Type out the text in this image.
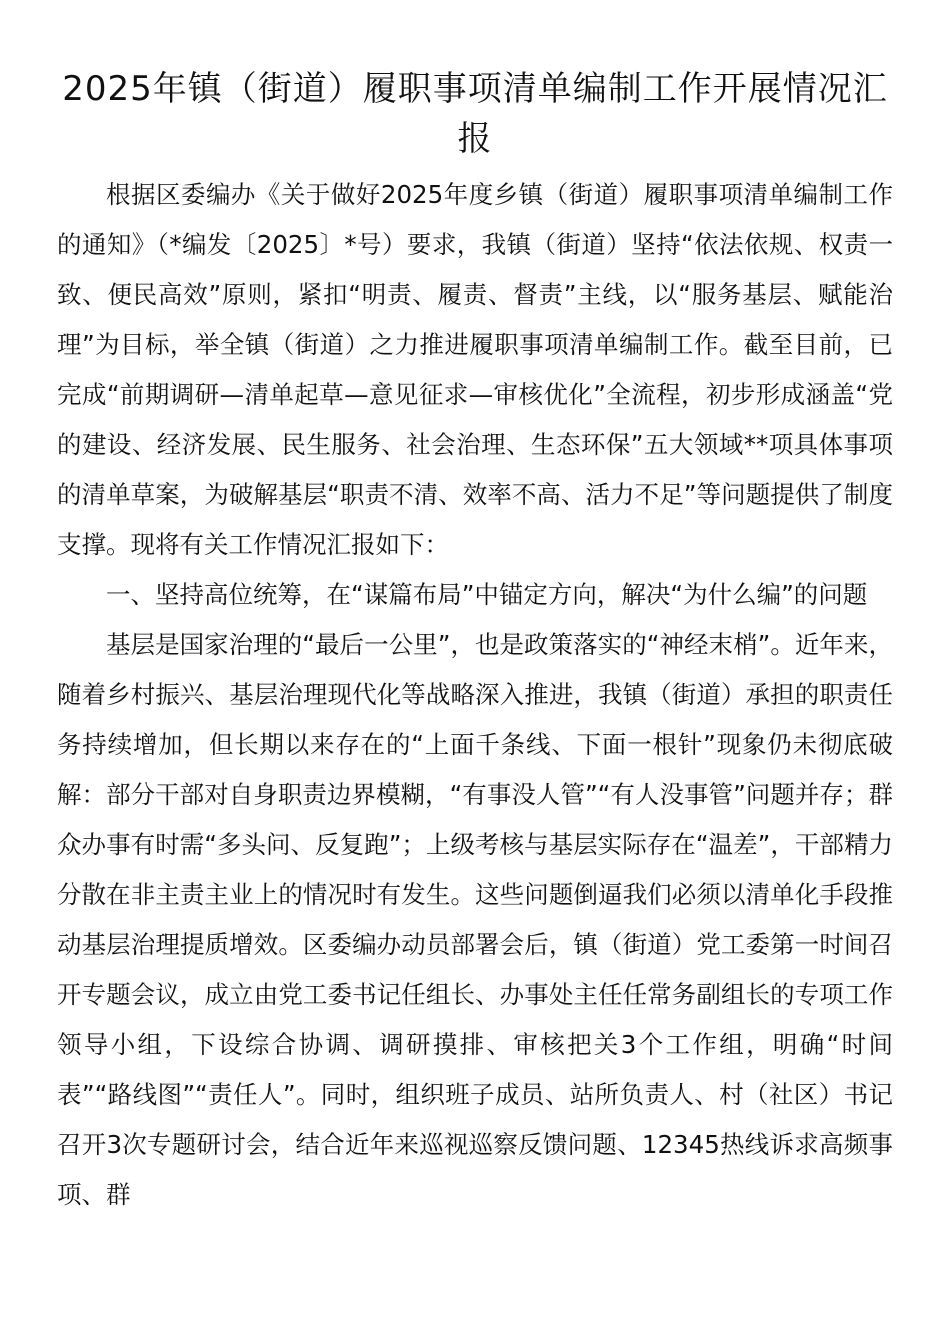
2025年镇（街道）履职事项清单编制工作开展情况汇报

根据区委编办《关于做好2025年度乡镇（街道）履职事项清单编制工作的通知》（*编发〔2025〕*号）要求，我镇（街道）坚持“依法依规、权责一致、便民高效”原则，紧扣“明责、履责、督责”主线，以“服务基层、赋能治理”为目标，举全镇（街道）之力推进履职事项清单编制工作。截至目前，已完成“前期调研—清单起草—意见征求—审核优化”全流程，初步形成涵盖“党的建设、经济发展、民生服务、社会治理、生态环保”五大领域**项具体事项的清单草案，为破解基层“职责不清、效率不高、活力不足”等问题提供了制度支撑。现将有关工作情况汇报如下：

一、坚持高位统筹，在“谋篇布局”中锚定方向，解决“为什么编”的问题

基层是国家治理的“最后一公里”，也是政策落实的“神经末梢”。近年来，随着乡村振兴、基层治理现代化等战略深入推进，我镇（街道）承担的职责任务持续增加，但长期以来存在的“上面千条线、下面一根针”现象仍未彻底破解：部分干部对自身职责边界模糊，“有事没人管”“有人没事管”问题并存；群众办事有时需“多头问、反复跑”；上级考核与基层实际存在“温差”，干部精力分散在非主责主业上的情况时有发生。这些问题倒逼我们必须以清单化手段推动基层治理提质增效。区委编办动员部署会后，镇（街道）党工委第一时间召开专题会议，成立由党工委书记任组长、办事处主任任常务副组长的专项工作领导小组，下设综合协调、调研摸排、审核把关3个工作组，明确“时间表”“路线图”“责任人”。同时，组织班子成员、站所负责人、村（社区）书记召开3次专题研讨会，结合近年来巡视巡察反馈问题、12345热线诉求高频事项、群
